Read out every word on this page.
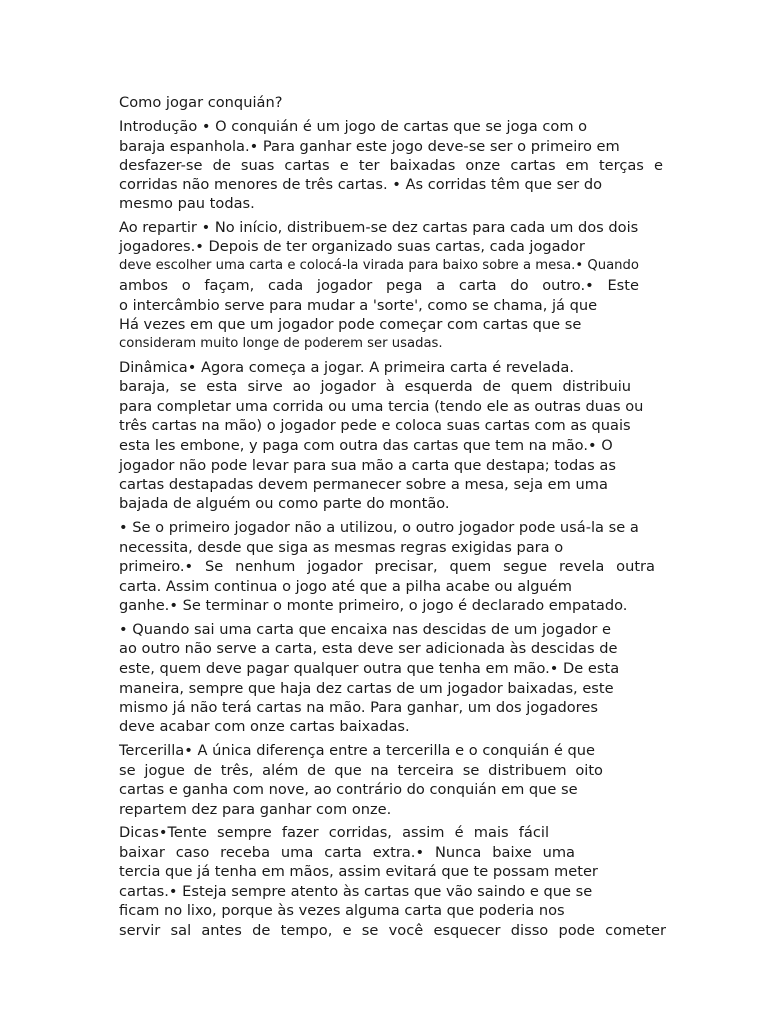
Como jogar conquián?
Introdução • O conquián é um jogo de cartas que se joga com o
baraja espanhola.• Para ganhar este jogo deve-se ser o primeiro em
desfazer-se de suas cartas e ter baixadas onze cartas em terças e
corridas não menores de três cartas. • As corridas têm que ser do
mesmo pau todas.
Ao repartir • No início, distribuem-se dez cartas para cada um dos dois
jogadores.• Depois de ter organizado suas cartas, cada jogador
deve escolher uma carta e colocá-la virada para baixo sobre a mesa.• Quando
ambos o façam, cada jogador pega a carta do outro.• Este
o intercâmbio serve para mudar a 'sorte', como se chama, já que
Há vezes em que um jogador pode começar com cartas que se
consideram muito longe de poderem ser usadas.
Dinâmica• Agora começa a jogar. A primeira carta é revelada.
baraja, se esta sirve ao jogador à esquerda de quem distribuiu
para completar uma corrida ou uma tercia (tendo ele as outras duas ou
três cartas na mão) o jogador pede e coloca suas cartas com as quais
esta les embone, y paga com outra das cartas que tem na mão.• O
jogador não pode levar para sua mão a carta que destapa; todas as
cartas destapadas devem permanecer sobre a mesa, seja em uma
bajada de alguém ou como parte do montão.
• Se o primeiro jogador não a utilizou, o outro jogador pode usá-la se a
necessita, desde que siga as mesmas regras exigidas para o
primeiro.• Se nenhum jogador precisar, quem segue revela outra
carta. Assim continua o jogo até que a pilha acabe ou alguém
ganhe.• Se terminar o monte primeiro, o jogo é declarado empatado.
• Quando sai uma carta que encaixa nas descidas de um jogador e
ao outro não serve a carta, esta deve ser adicionada às descidas de
este, quem deve pagar qualquer outra que tenha em mão.• De esta
maneira, sempre que haja dez cartas de um jogador baixadas, este
mismo já não terá cartas na mão. Para ganhar, um dos jogadores
deve acabar com onze cartas baixadas.
Tercerilla• A única diferença entre a tercerilla e o conquián é que
se jogue de três, além de que na terceira se distribuem oito
cartas e ganha com nove, ao contrário do conquián em que se
repartem dez para ganhar com onze.
Dicas•Tente sempre fazer corridas, assim é mais fácil
baixar caso receba uma carta extra.• Nunca baixe uma
tercia que já tenha em mãos, assim evitará que te possam meter
cartas.• Esteja sempre atento às cartas que vão saindo e que se
ficam no lixo, porque às vezes alguma carta que poderia nos
servir sal antes de tempo, e se você esquecer disso pode cometer
